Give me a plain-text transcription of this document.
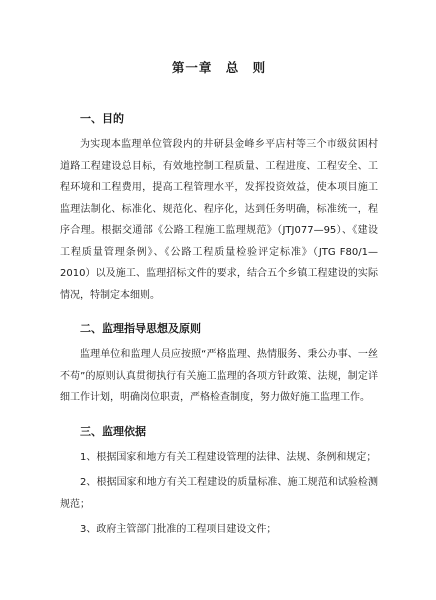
第一章 总 则
一、目的

为实现本监理单位管段内的井研县金峰乡平店村等三个市级贫困村道路工程建设总目标，有效地控制工程质量、工程进度、工程安全、工程环境和工程费用，提高工程管理水平，发挥投资效益，使本项目施工监理法制化、标准化、规范化、程序化，达到任务明确，标准统一，程序合理。根据交通部《公路工程施工监理规范》（JTJ077—95）、《建设工程质量管理条例》、《公路工程质量检验评定标准》（JTG F80/1—2010）以及施工、监理招标文件的要求，结合五个乡镇工程建设的实际情况，特制定本细则。

二、监理指导思想及原则

监理单位和监理人员应按照“严格监理、热情服务、秉公办事、一丝不苟”的原则认真贯彻执行有关施工监理的各项方针政策、法规，制定详细工作计划，明确岗位职责，严格检查制度，努力做好施工监理工作。

三、监理依据

1、根据国家和地方有关工程建设管理的法律、法规、条例和规定；

2、根据国家和地方有关工程建设的质量标准、施工规范和试验检测规范；

3、政府主管部门批准的工程项目建设文件；
